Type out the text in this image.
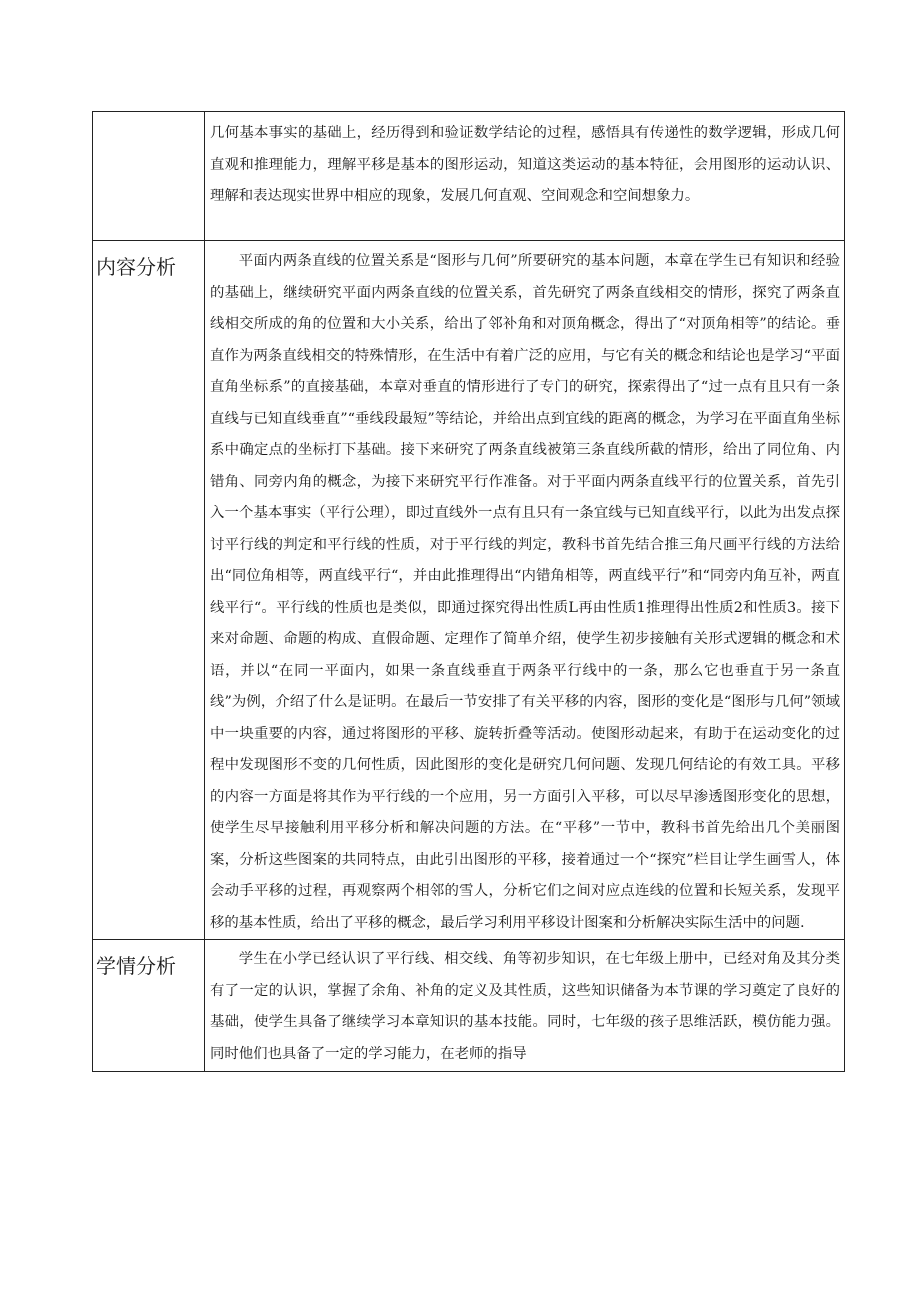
	几何基本事实的基础上，经历得到和验证数学结论的过程，感悟具有传递性的数学逻辑，形成几何直观和推理能力，理解平移是基本的图形运动，知道这类运动的基本特征，会用图形的运动认识、理解和表达现实世界中相应的现象，发展几何直观、空间观念和空间想象力。

内容分析	平面内两条直线的位置关系是“图形与几何”所要研究的基本问题，本章在学生已有知识和经验的基础上，继续研究平面内两条直线的位置关系，首先研究了两条直线相交的情形，探究了两条直线相交所成的角的位置和大小关系，给出了邻补角和对顶角概念，得出了“对顶角相等”的结论。垂直作为两条直线相交的特殊情形，在生活中有着广泛的应用，与它有关的概念和结论也是学习“平面直角坐标系”的直接基础，本章对垂直的情形进行了专门的研究，探索得出了“过一点有且只有一条直线与已知直线垂直”“垂线段最短”等结论，并给出点到宜线的距离的概念，为学习在平面直角坐标系中确定点的坐标打下基础。接下来研究了两条直线被第三条直线所截的情形，给出了同位角、内错角、同旁内角的概念，为接下来研究平行作准备。对于平面内两条直线平行的位置关系，首先引入一个基本事实（平行公理），即过直线外一点有且只有一条宜线与已知直线平行，以此为出发点探讨平行线的判定和平行线的性质，对于平行线的判定，教科书首先结合推三角尺画平行线的方法给出“同位角相等，两直线平行“，并由此推理得出“内错角相等，两直线平行”和“同旁内角互补，两直线平行“。平行线的性质也是类似，即通过探究得出性质L再由性质1推理得出性质2和性质3。接下来对命题、命题的构成、直假命题、定理作了简单介绍，使学生初步接触有关形式逻辑的概念和术语，并以“在同一平面内，如果一条直线垂直于两条平行线中的一条，那么它也垂直于另一条直线”为例，介绍了什么是证明。在最后一节安排了有关平移的内容，图形的变化是“图形与几何”领域中一块重要的内容，通过将图形的平移、旋转折叠等活动。使图形动起来，有助于在运动变化的过程中发现图形不变的几何性质，因此图形的变化是研究几何问题、发现几何结论的有效工具。平移的内容一方面是将其作为平行线的一个应用，另一方面引入平移，可以尽早渗透图形变化的思想，使学生尽早接触利用平移分析和解决问题的方法。在“平移”一节中，教科书首先给出几个美丽图案，分析这些图案的共同特点，由此引出图形的平移，接着通过一个“探究”栏目让学生画雪人，体会动手平移的过程，再观察两个相邻的雪人，分析它们之间对应点连线的位置和长短关系，发现平移的基本性质，给出了平移的概念，最后学习利用平移设计图案和分析解决实际生活中的问题.

学情分析	学生在小学已经认识了平行线、相交线、角等初步知识，在七年级上册中，已经对角及其分类有了一定的认识，掌握了余角、补角的定义及其性质，这些知识储备为本节课的学习奠定了良好的基础，使学生具备了继续学习本章知识的基本技能。同时，七年级的孩子思维活跃，模仿能力强。同时他们也具备了一定的学习能力，在老师的指导
